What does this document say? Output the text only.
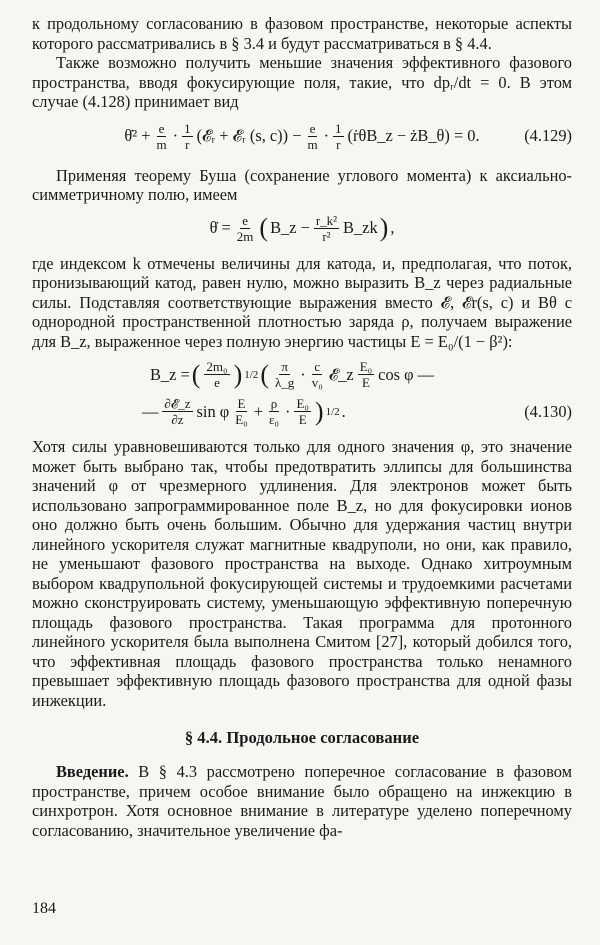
к продольному согласованию в фазовом пространстве, некоторые аспекты которого рассматривались в § 3.4 и будут рассматриваться в § 4.4.

Также возможно получить меньшие значения эффективного фазового пространства, вводя фокусирующие поля, такие, что dpᵣ/dt = 0. В этом случае (4.128) принимает вид

θ̇² + $\frac{e}{m} \cdot \frac{1}{r}$ (𝓔ᵣ + 𝓔ᵣ (s, $c)) - \frac{e}{m} \cdot \frac{1}{r}$ (ṙθB_z − żB_θ) = 0.	(4.129)

Применяя теорему Буша (сохранение углового момента) к аксиально-симметричному полю, имеем

θ̇ = $\frac{e}{2m}$ ( B_z − $\frac{\text{r\_k²}}{\text{r²}}$ B_zk ) ,

где индексом k отмечены величины для катода, и, предполагая, что поток, пронизывающий катод, равен нулю, можно выразить B_z через радиальные силы. Подставляя соответствующие выражения вместо 𝓔, 𝓔r(s, c) и Bθ с однородной пространственной плотностью заряда ρ, получаем выражение для B_z, выраженное через полную энергию частицы E = E₀/(1 − β²):

B_z = ( $\frac{\text{2m₀}}{e}$ ) 1/2 ( $\frac{\pi}{\lambda\_g} \cdot \frac{c}{\text{v₀}}$ 𝓔_z $\frac{\text{E₀}}{E}$ cos φ —
— $\frac{\text{∂𝓔\_z}}{\partial z}$ sin φ $\frac{E}{\text{E₀}} + \frac{\rho}{\text{ε₀}} \cdot \frac{\text{E₀}}{E}$ ) 1/2 .	(4.130)

Хотя силы уравновешиваются только для одного значения φ, это значение может быть выбрано так, чтобы предотвратить эллипсы для большинства значений φ от чрезмерного удлинения. Для электронов может быть использовано запрограммированное поле B_z, но для фокусировки ионов оно должно быть очень большим. Обычно для удержания частиц внутри линейного ускорителя служат магнитные квадруполи, но они, как правило, не уменьшают фазового пространства на выходе. Однако хитроумным выбором квадрупольной фокусирующей системы и трудоемкими расчетами можно сконструировать систему, уменьшающую эффективную поперечную площадь фазового пространства. Такая программа для протонного линейного ускорителя была выполнена Смитом [27], который добился того, что эффективная площадь фазового пространства только ненамного превышает эффективную площадь фазового пространства для одной фазы инжекции.

§ 4.4. Продольное согласование

Введение. В § 4.3 рассмотрено поперечное согласование в фазовом пространстве, причем особое внимание было обращено на инжекцию в синхротрон. Хотя основное внимание в литературе уделено поперечному согласованию, значительное увеличение фа-

184
